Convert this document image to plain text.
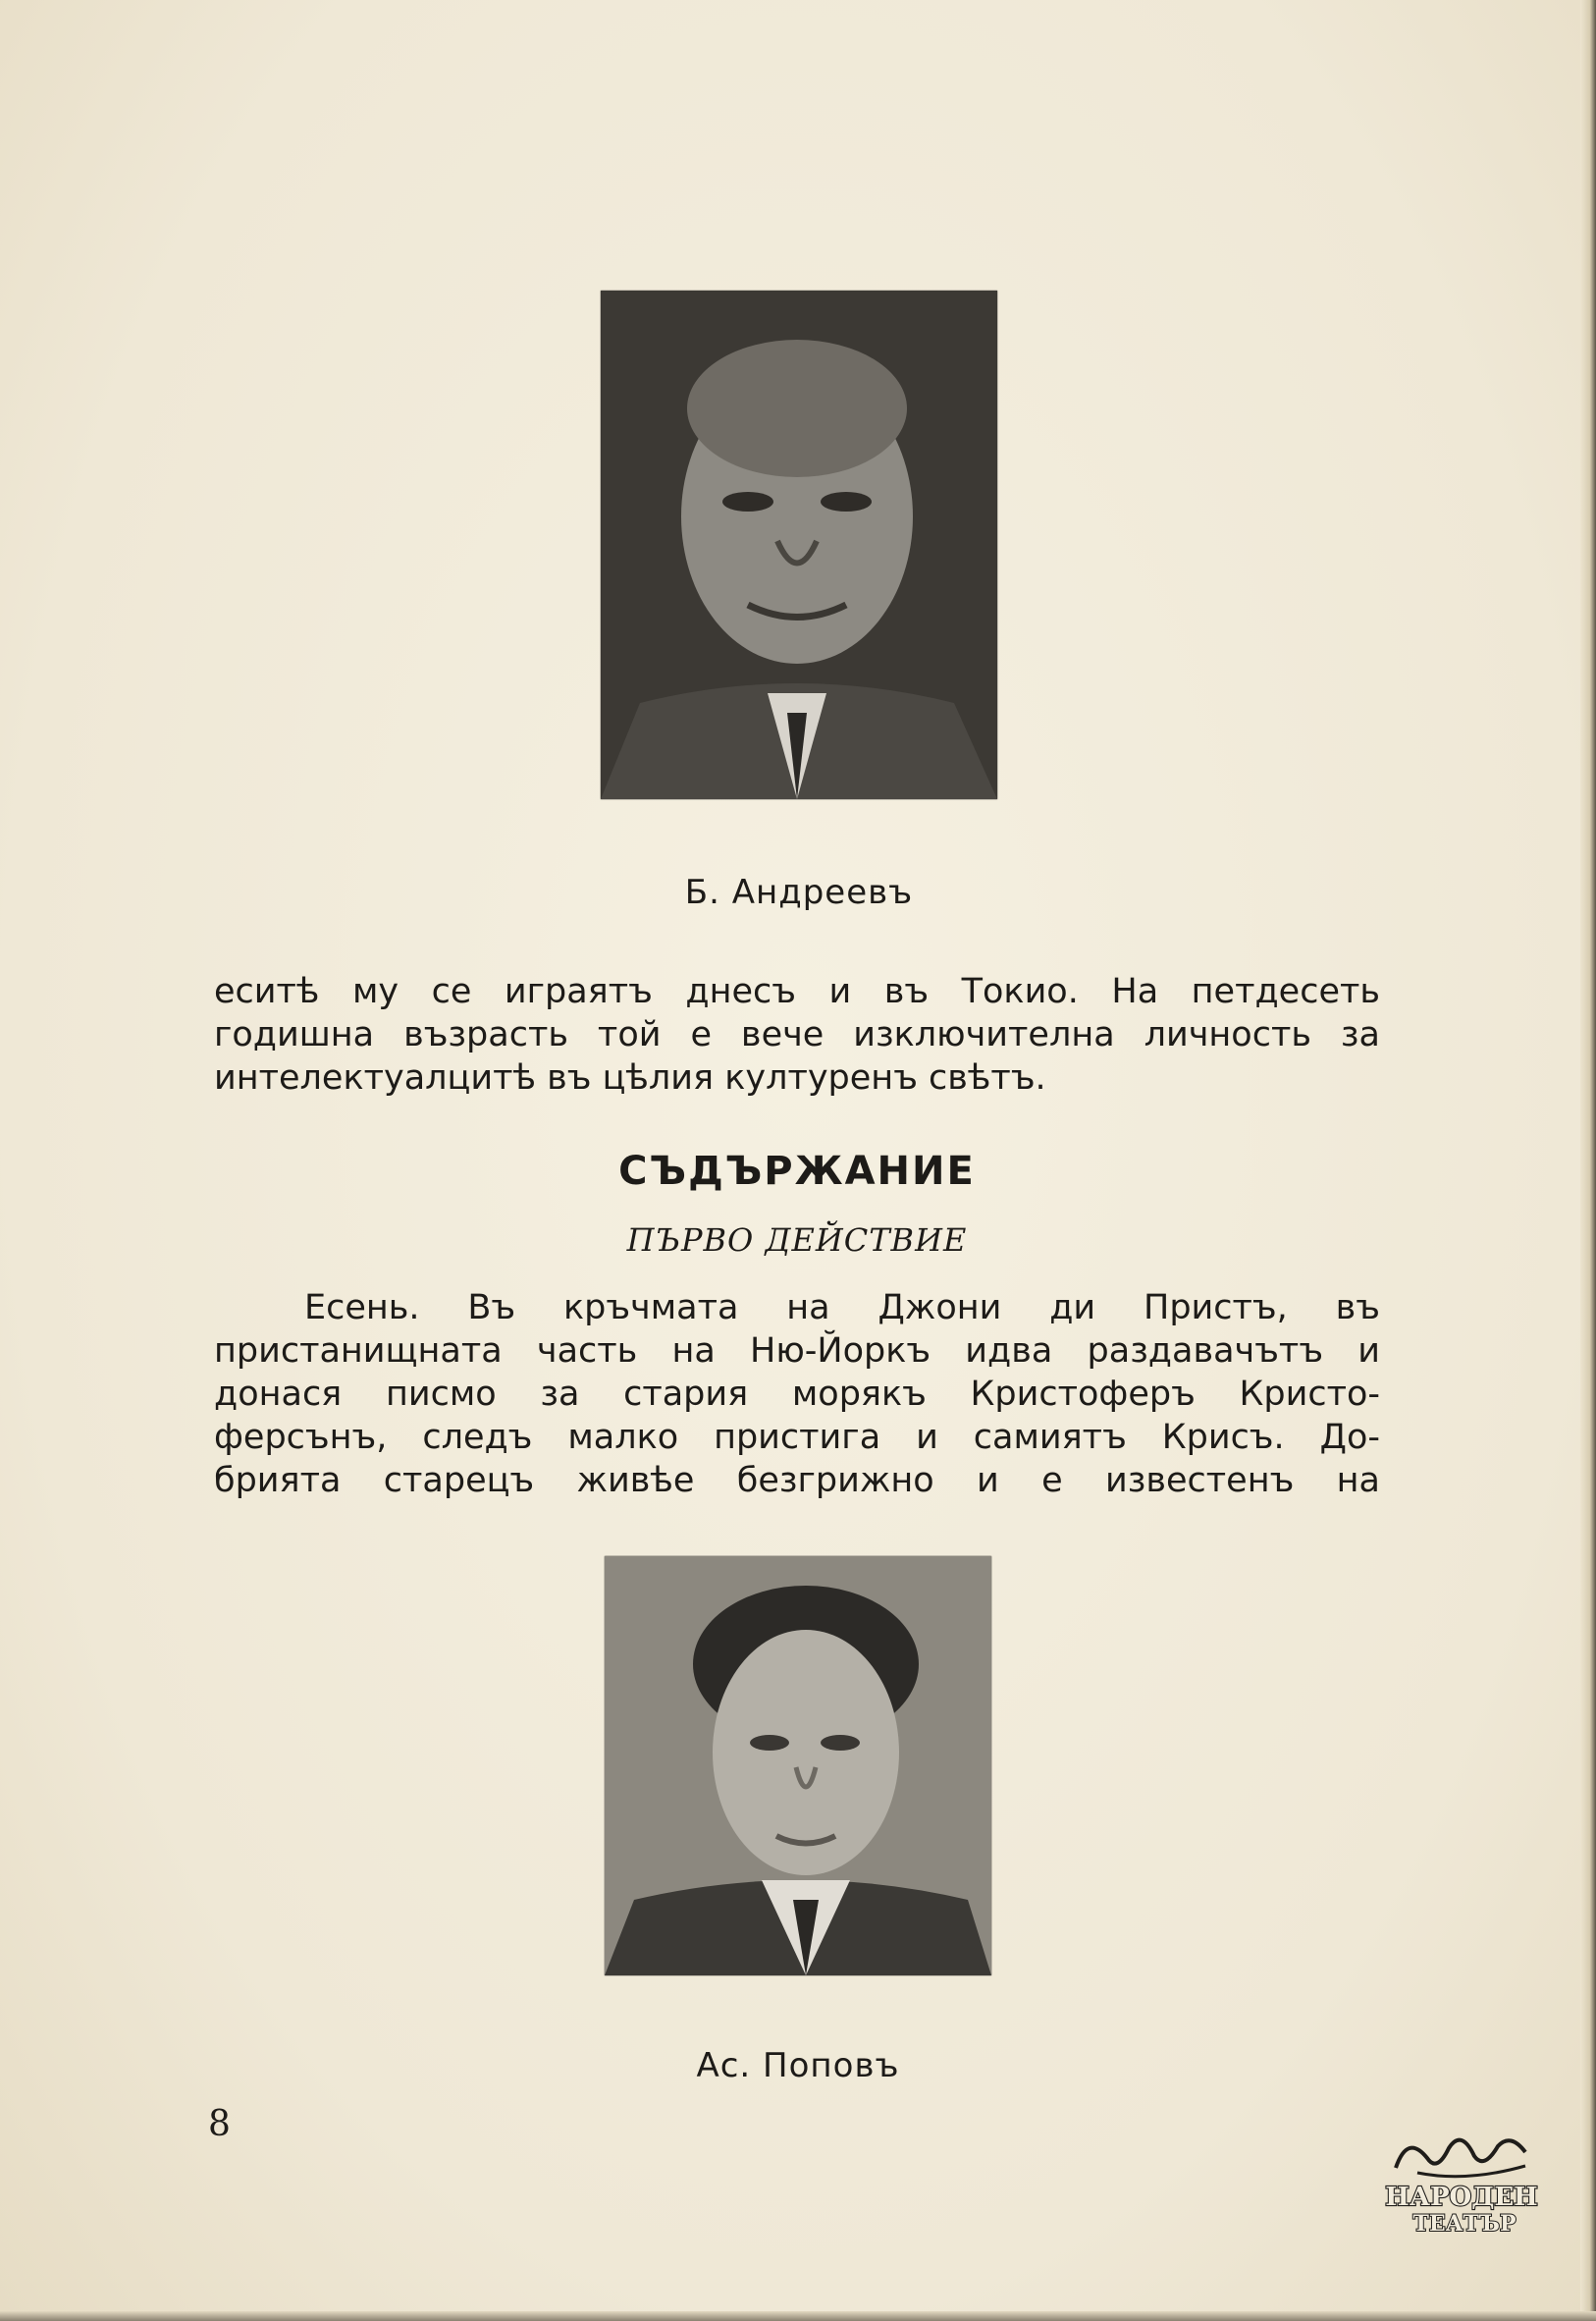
Б. Андреевъ
еситѣ му се играятъ днесъ и въ Токио. На петдесеть
годишна възрасть той е вече изключителна личность за
интелектуалцитѣ въ цѣлия културенъ свѣтъ.
СЪДЪРЖАНИЕ
ПЪРВО ДЕЙСТВИЕ
Есень. Въ кръчмата на Джони ди Пристъ, въ
пристанищната часть на Ню-Йоркъ идва раздавачътъ и
донася писмо за стария морякъ Кристоферъ Кристо-
ферсънъ, следъ малко пристига и самиятъ Крисъ. До-
брията старецъ живѣе безгрижно и е известенъ на
Ас. Поповъ
8
НАРОДЕН
ТЕАТЪР
